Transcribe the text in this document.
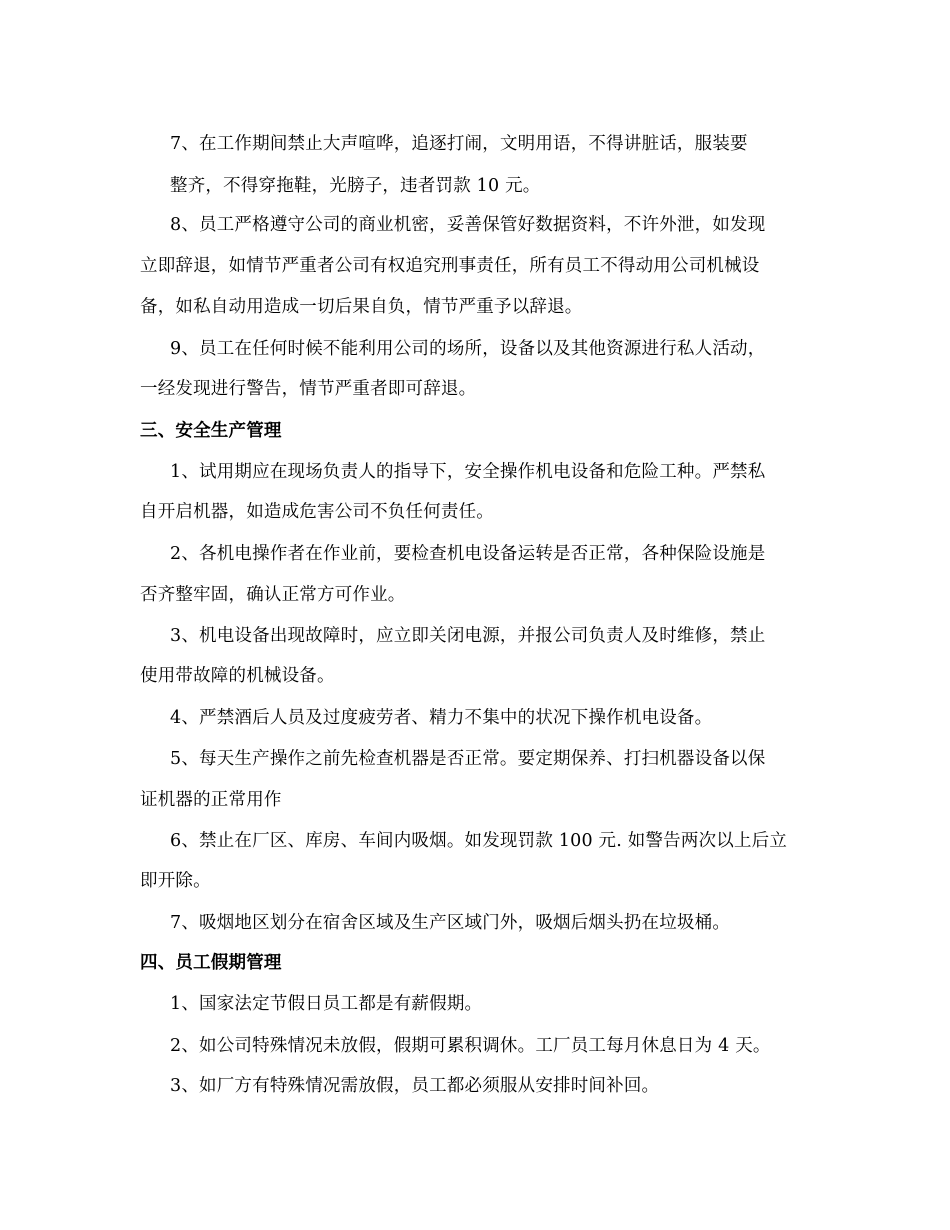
7、在工作期间禁止大声喧哗，追逐打闹，文明用语，不得讲脏话，服装要
整齐，不得穿拖鞋，光膀子，违者罚款 10 元。
8、员工严格遵守公司的商业机密，妥善保管好数据资料，不许外泄，如发现
立即辞退，如情节严重者公司有权追究刑事责任，所有员工不得动用公司机械设
备，如私自动用造成一切后果自负，情节严重予以辞退。
9、员工在任何时候不能利用公司的场所，设备以及其他资源进行私人活动，
一经发现进行警告，情节严重者即可辞退。
三、安全生产管理
1、试用期应在现场负责人的指导下，安全操作机电设备和危险工种。严禁私
自开启机器，如造成危害公司不负任何责任。
2、各机电操作者在作业前，要检查机电设备运转是否正常，各种保险设施是
否齐整牢固，确认正常方可作业。
3、机电设备出现故障时，应立即关闭电源，并报公司负责人及时维修，禁止
使用带故障的机械设备。
4、严禁酒后人员及过度疲劳者、精力不集中的状况下操作机电设备。
5、每天生产操作之前先检查机器是否正常。要定期保养、打扫机器设备以保
证机器的正常用作
6、禁止在厂区、库房、车间内吸烟。如发现罚款 100 元. 如警告两次以上后立
即开除。
7、吸烟地区划分在宿舍区域及生产区域门外，吸烟后烟头扔在垃圾桶。
四、员工假期管理
1、国家法定节假日员工都是有薪假期。
2、如公司特殊情况未放假，假期可累积调休。工厂员工每月休息日为 4 天。
3、如厂方有特殊情况需放假，员工都必须服从安排时间补回。
